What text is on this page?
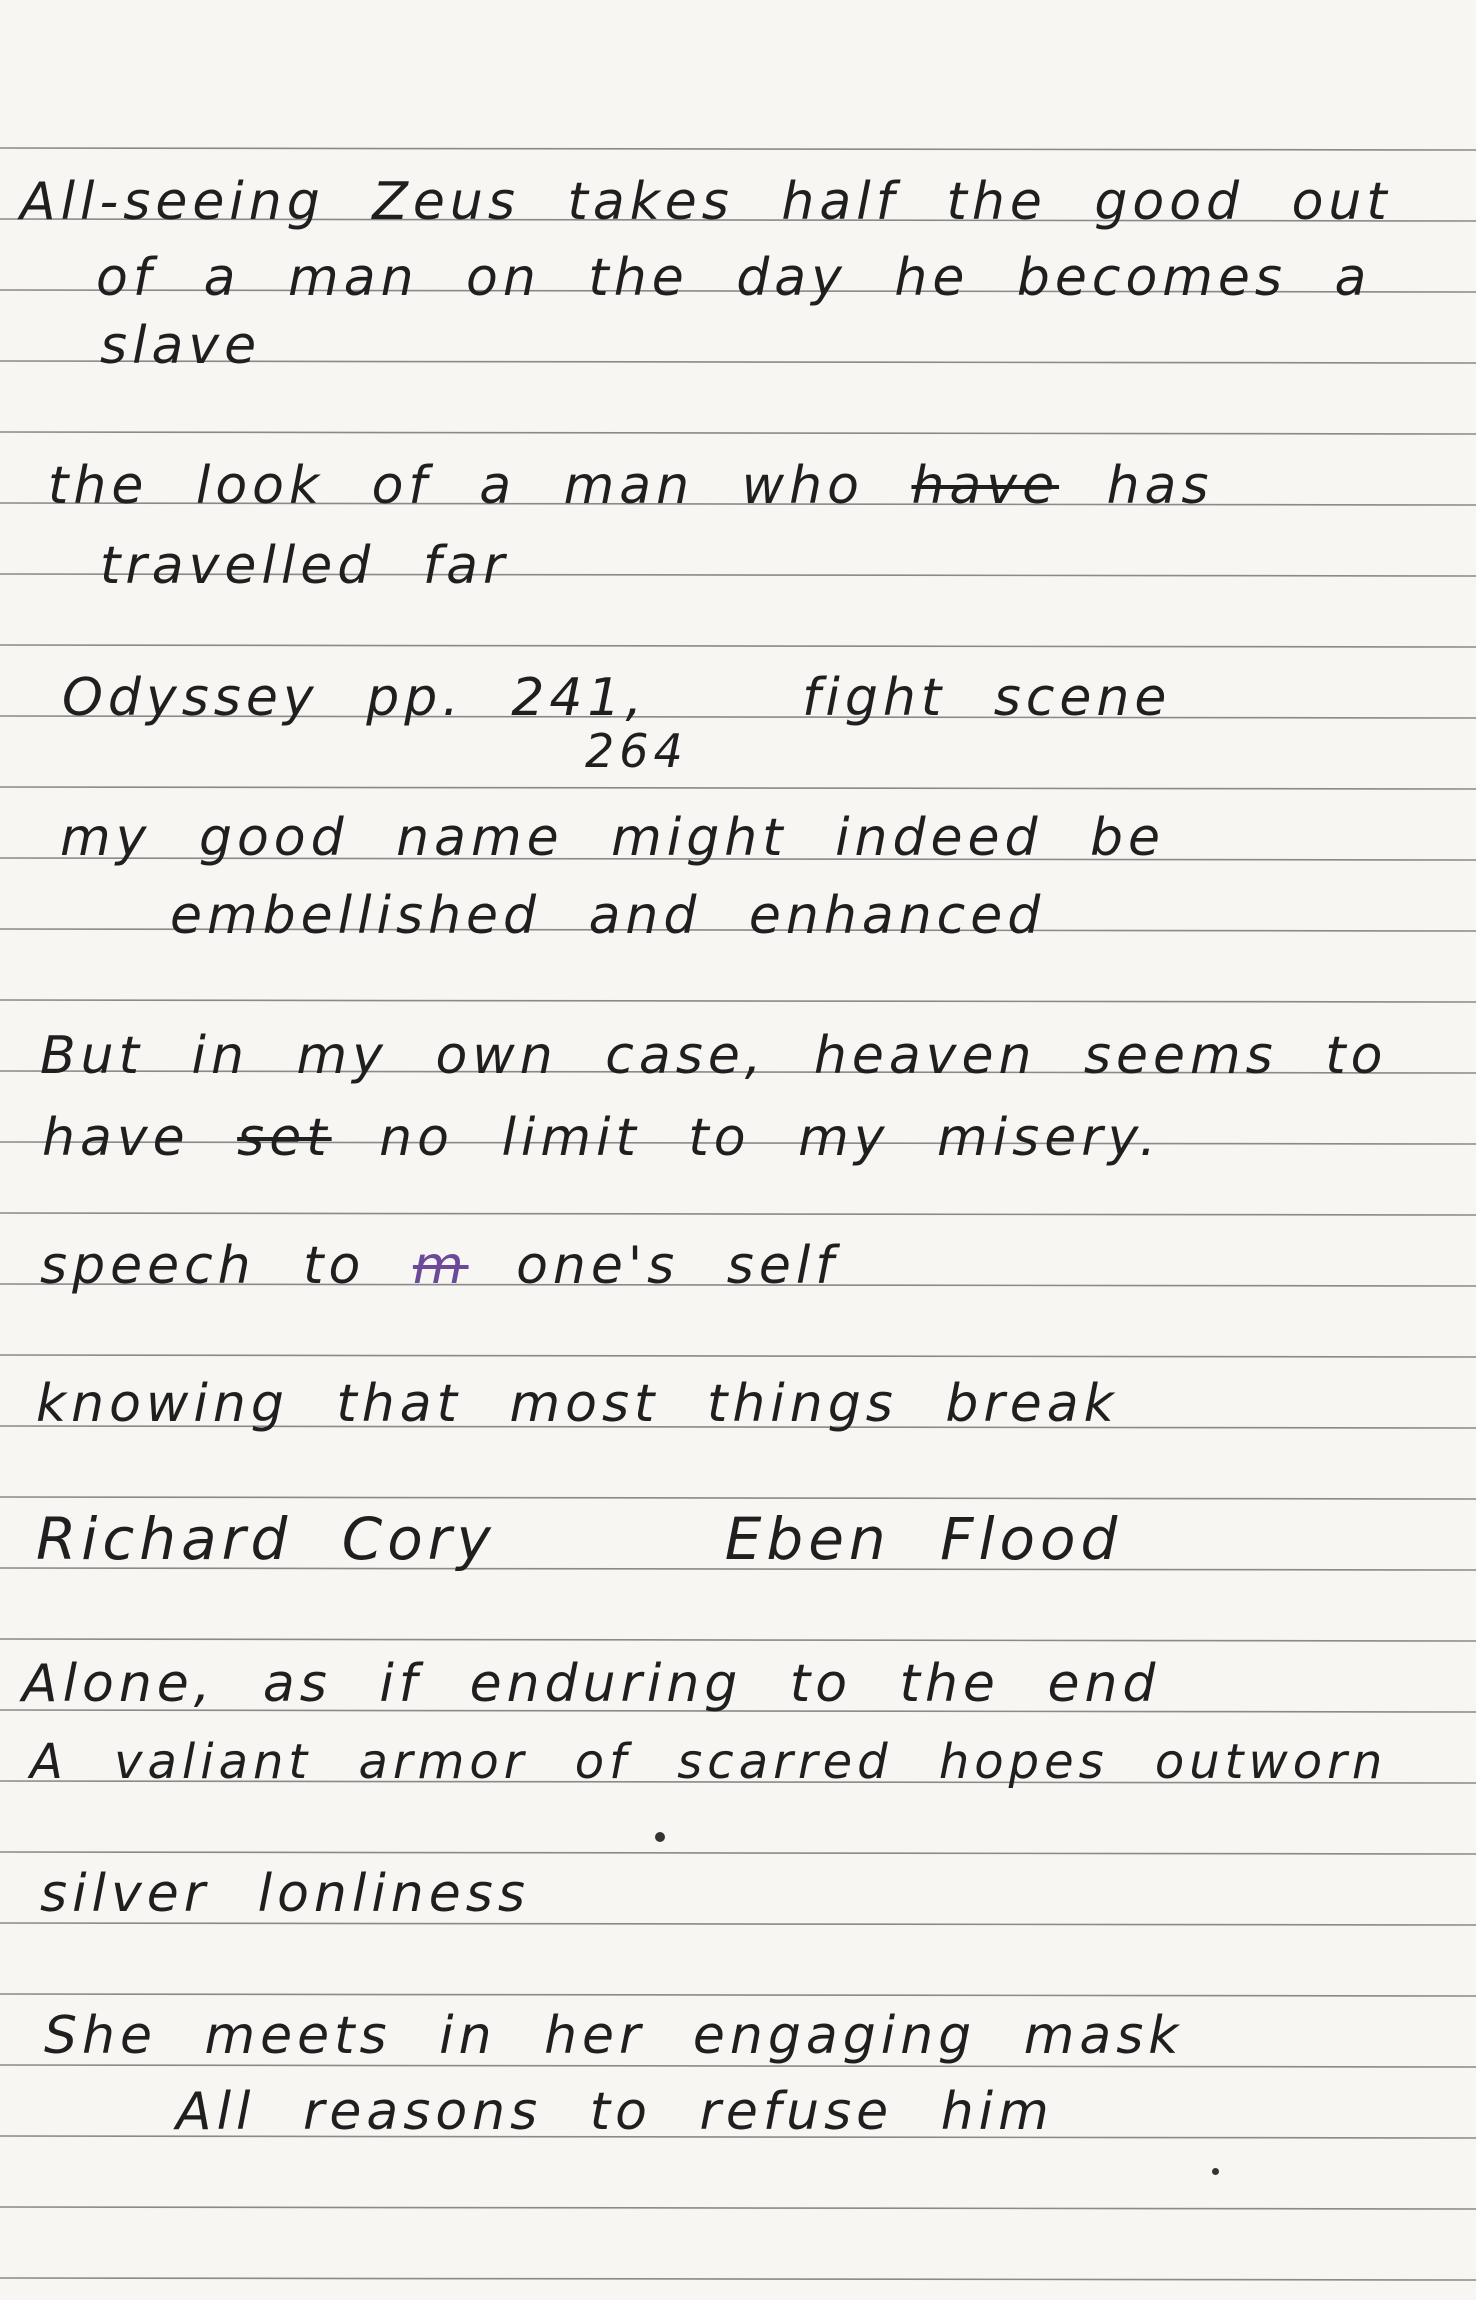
All-seeing Zeus takes half the good out
of a man on the day he becomes a
slave
the look of a man who have has
travelled far
Odyssey pp. 241,	fight scene
264
my good name might indeed be
embellished and enhanced
But in my own case, heaven seems to
have set no limit to my misery.
speech to m one's self
knowing that most things break
Richard Cory	Eben Flood
Alone, as if enduring to the end
A valiant armor of scarred hopes outworn
silver lonliness
She meets in her engaging mask
All reasons to refuse him
